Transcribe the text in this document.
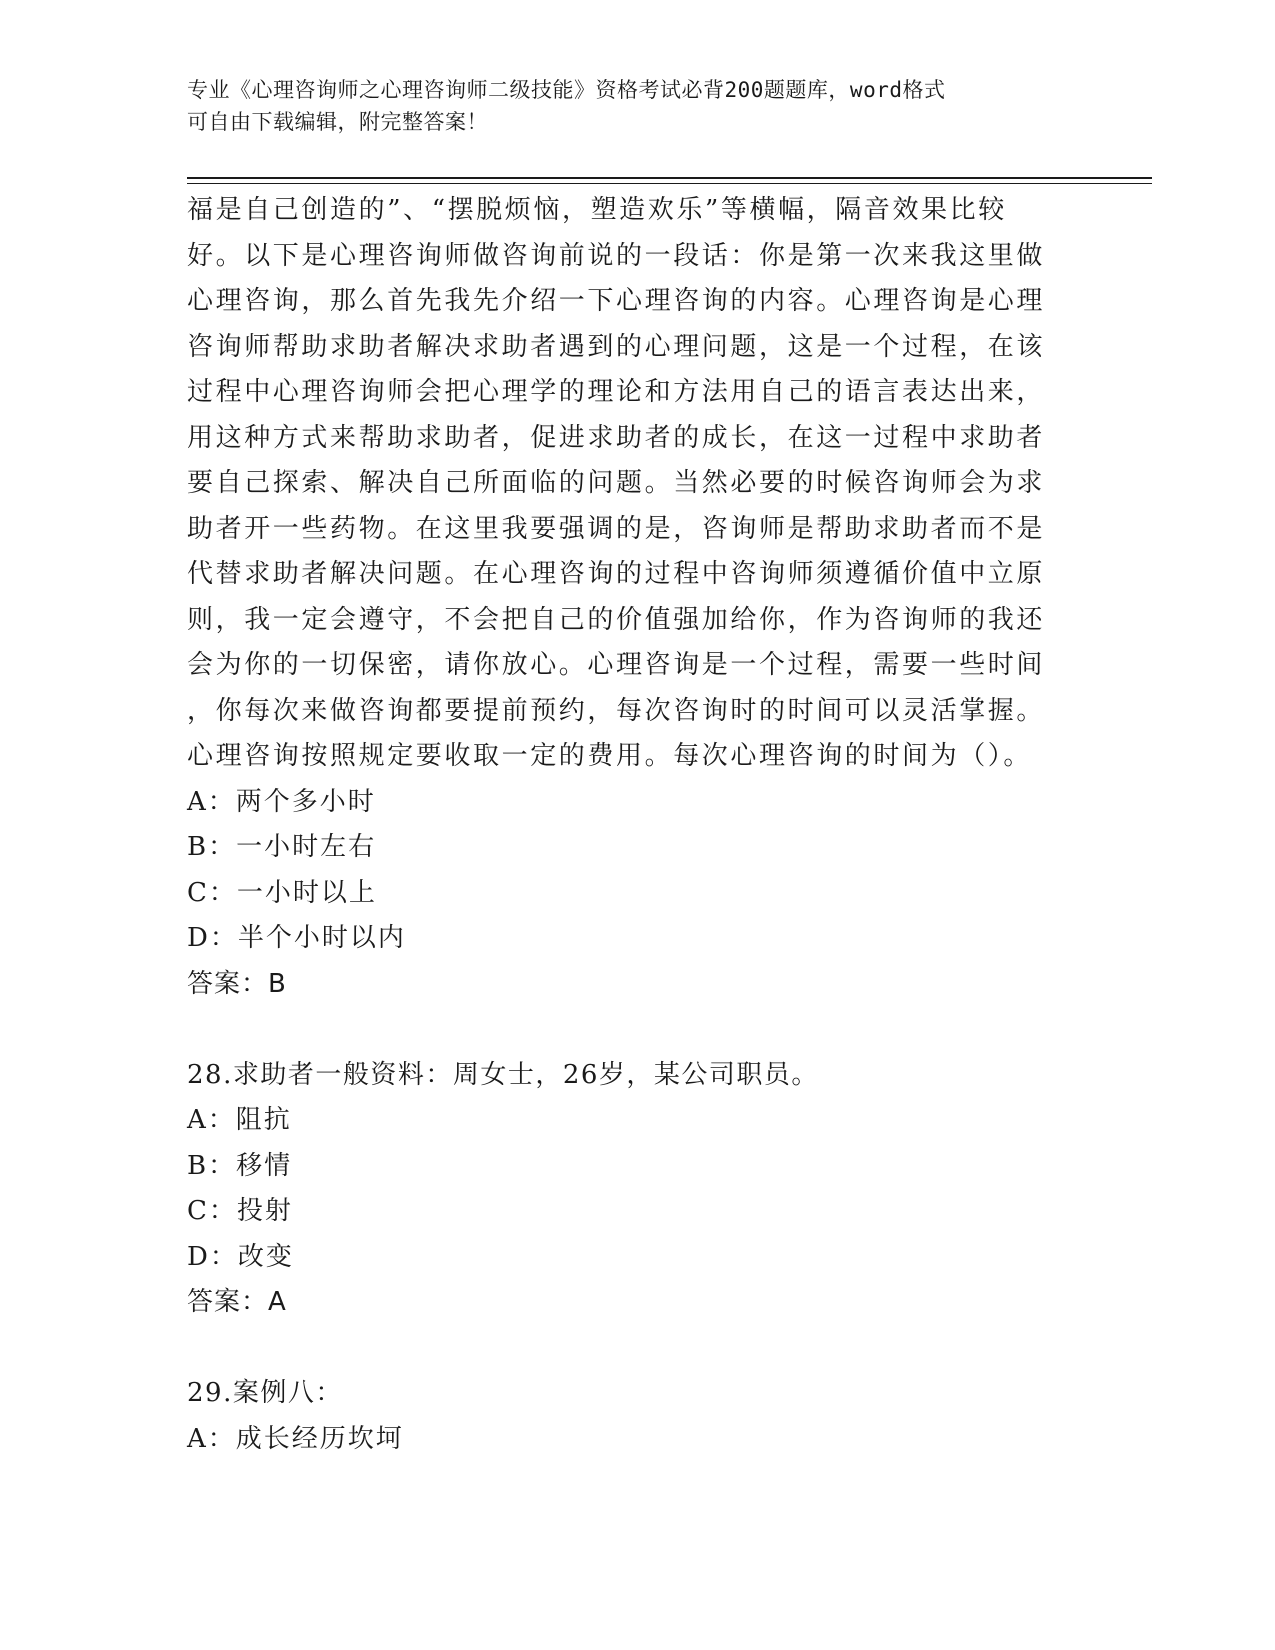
专业《心理咨询师之心理咨询师二级技能》资格考试必背200题题库，word格式
可自由下载编辑，附完整答案！
福是自己创造的”、“摆脱烦恼，塑造欢乐”等横幅，隔音效果比较
好。以下是心理咨询师做咨询前说的一段话：你是第一次来我这里做
心理咨询，那么首先我先介绍一下心理咨询的内容。心理咨询是心理
咨询师帮助求助者解决求助者遇到的心理问题，这是一个过程，在该
过程中心理咨询师会把心理学的理论和方法用自己的语言表达出来，
用这种方式来帮助求助者，促进求助者的成长，在这一过程中求助者
要自己探索、解决自己所面临的问题。当然必要的时候咨询师会为求
助者开一些药物。在这里我要强调的是，咨询师是帮助求助者而不是
代替求助者解决问题。在心理咨询的过程中咨询师须遵循价值中立原
则，我一定会遵守，不会把自己的价值强加给你，作为咨询师的我还
会为你的一切保密，请你放心。心理咨询是一个过程，需要一些时间
，你每次来做咨询都要提前预约，每次咨询时的时间可以灵活掌握。
心理咨询按照规定要收取一定的费用。每次心理咨询的时间为（）。
A：两个多小时
B：一小时左右
C：一小时以上
D：半个小时以内
答案：B
28.求助者一般资料：周女士，26岁，某公司职员。
A：阻抗
B：移情
C：投射
D：改变
答案：A
29.案例八：
A：成长经历坎坷
